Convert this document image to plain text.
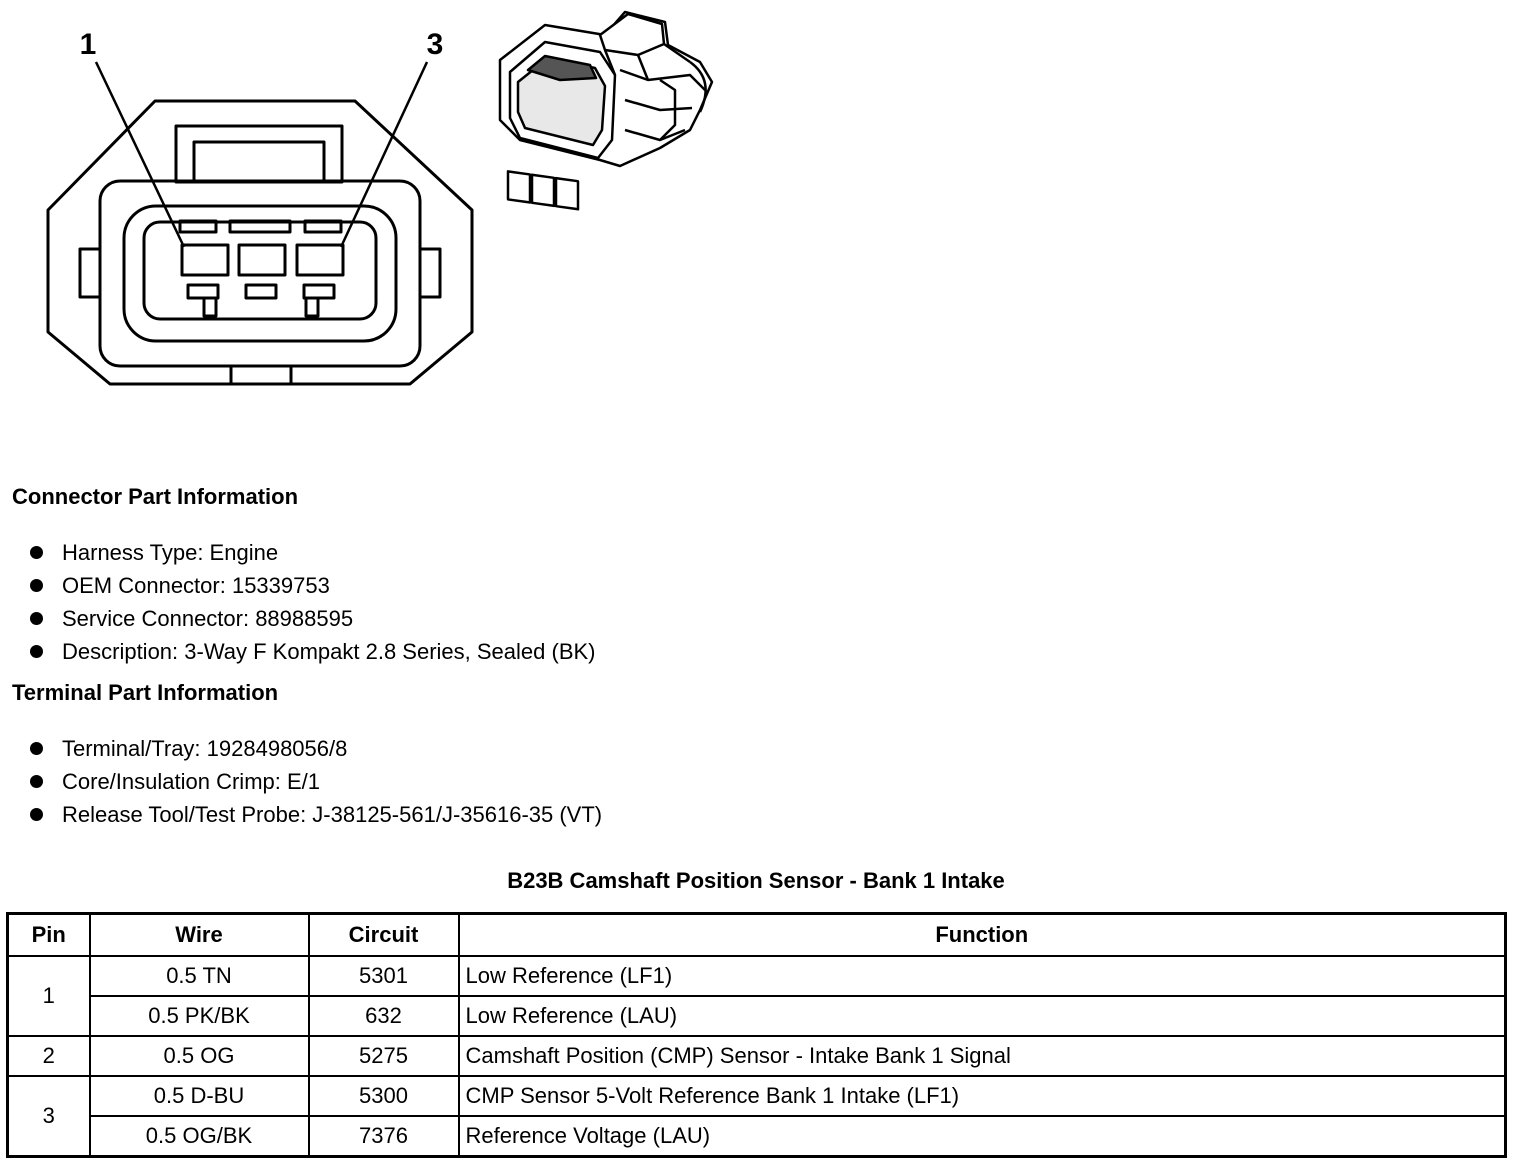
1	3
Connector Part Information
Harness Type: Engine
OEM Connector: 15339753
Service Connector: 88988595
Description: 3-Way F Kompakt 2.8 Series, Sealed (BK)
Terminal Part Information
Terminal/Tray: 1928498056/8
Core/Insulation Crimp: E/1
Release Tool/Test Probe: J-38125-561/J-35616-35 (VT)
B23B Camshaft Position Sensor - Bank 1 Intake
Pin	Wire	Circuit	Function
1	0.5 TN	5301	Low Reference (LF1)
	0.5 PK/BK	632	Low Reference (LAU)
2	0.5 OG	5275	Camshaft Position (CMP) Sensor - Intake Bank 1 Signal
3	0.5 D-BU	5300	CMP Sensor 5-Volt Reference Bank 1 Intake (LF1)
	0.5 OG/BK	7376	Reference Voltage (LAU)
